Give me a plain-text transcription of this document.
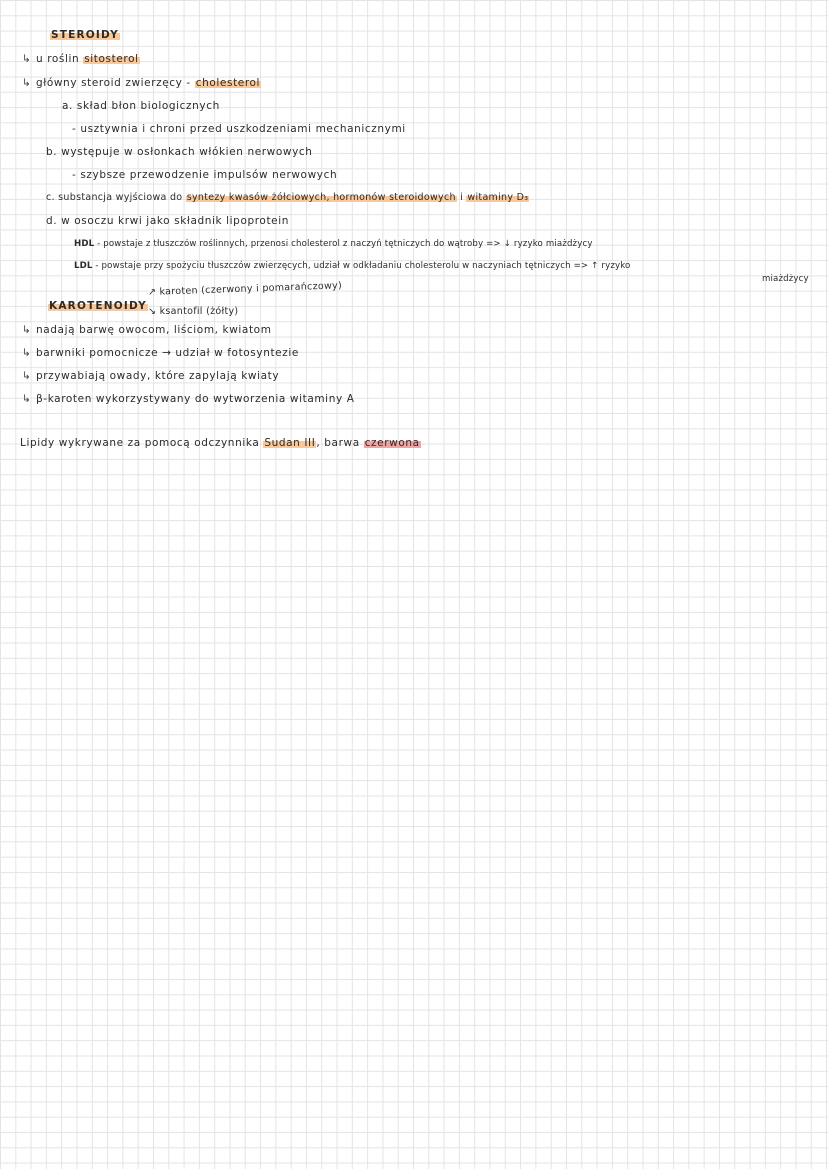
STEROIDY
↳ u roślin sitosterol
↳ główny steroid zwierzęcy - cholesterol
a. skład błon biologicznych
- usztywnia i chroni przed uszkodzeniami mechanicznymi
b. występuje w osłonkach włókien nerwowych
- szybsze przewodzenie impulsów nerwowych
c. substancja wyjściowa do syntezy kwasów żółciowych, hormonów steroidowych i witaminy D₃
d. w osoczu krwi jako składnik lipoprotein
HDL - powstaje z tłuszczów roślinnych, przenosi cholesterol z naczyń tętniczych do wątroby => ↓ ryzyko miażdżycy
LDL - powstaje przy spożyciu tłuszczów zwierzęcych, udział w odkładaniu cholesterolu w naczyniach tętniczych => ↑ ryzyko
miażdżycy
KAROTENOIDY
↗ karoten (czerwony i pomarańczowy)
↘ ksantofil (żółty)
↳ nadają barwę owocom, liściom, kwiatom
↳ barwniki pomocnicze → udział w fotosyntezie
↳ przywabiają owady, które zapylają kwiaty
↳ β-karoten wykorzystywany do wytworzenia witaminy A
Lipidy wykrywane za pomocą odczynnika Sudan III, barwa czerwona
